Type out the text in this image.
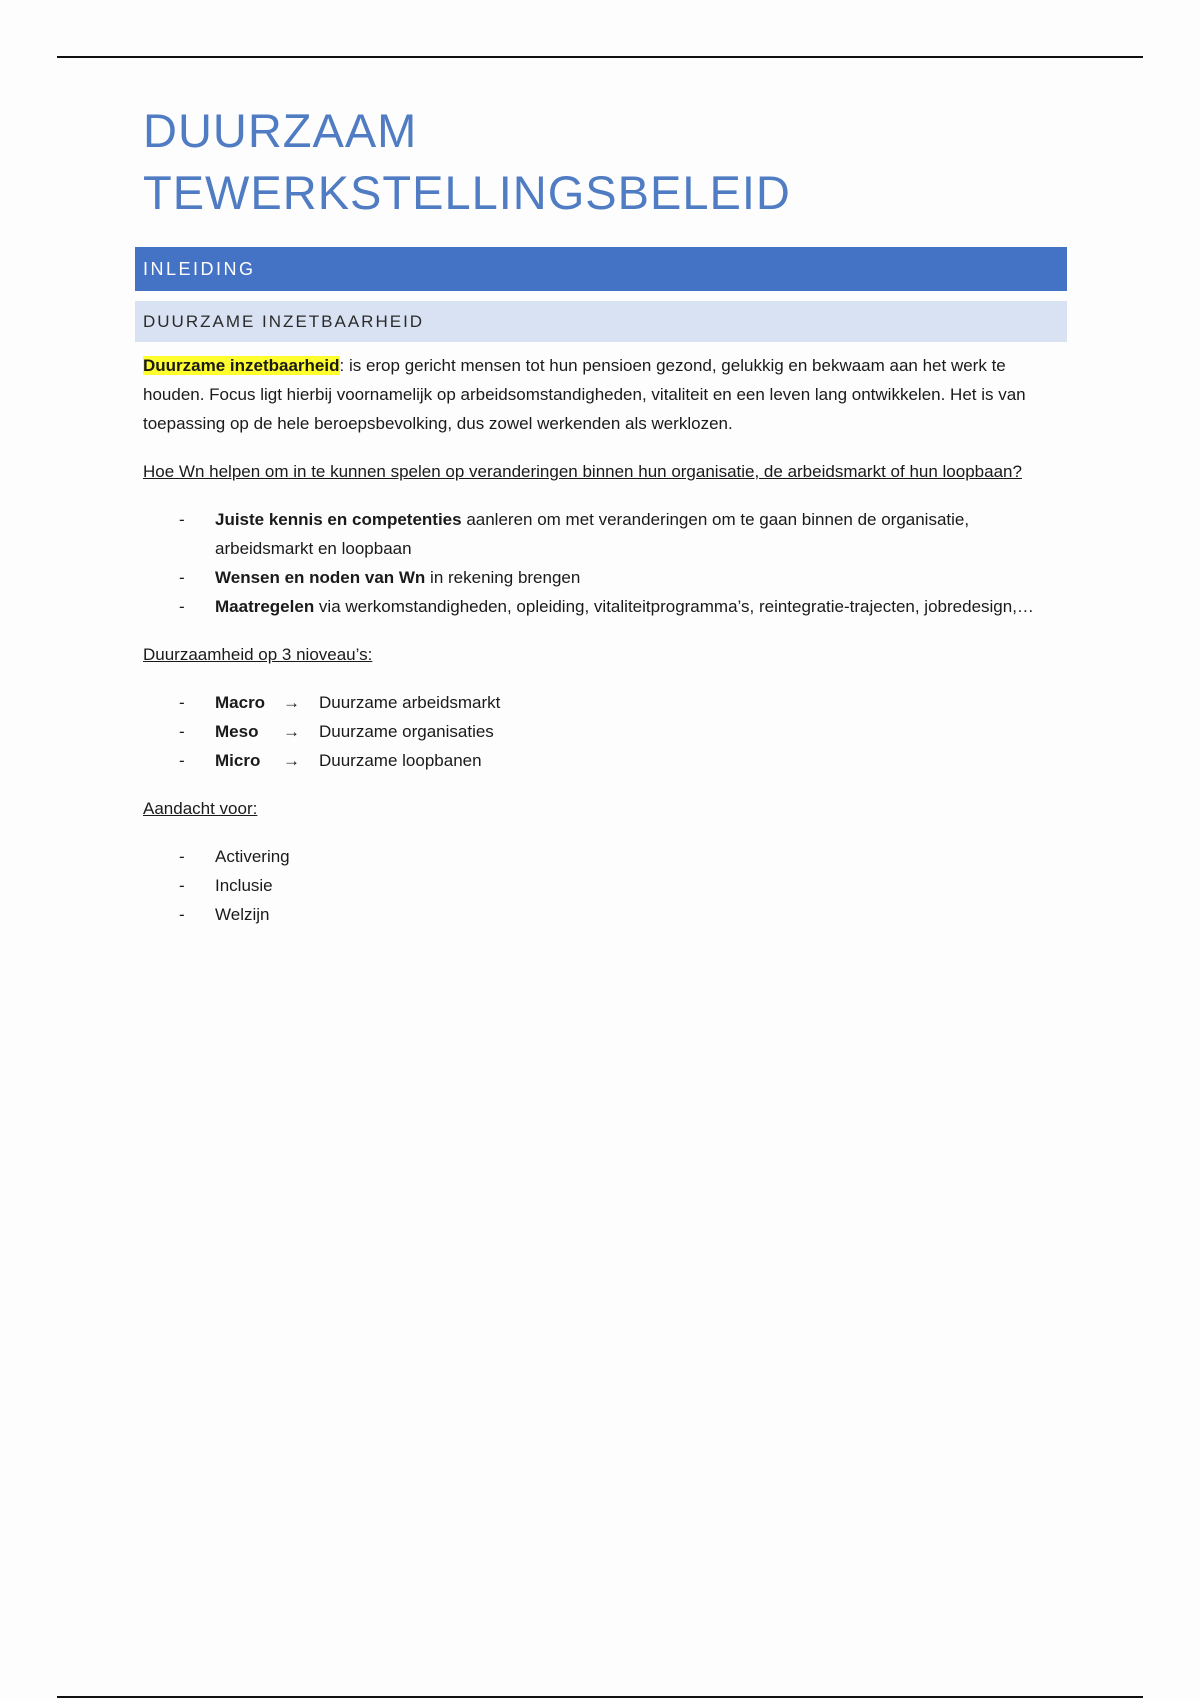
DUURZAAM TEWERKSTELLINGSBELEID
INLEIDING
DUURZAME INZETBAARHEID

Duurzame inzetbaarheid: is erop gericht mensen tot hun pensioen gezond, gelukkig en bekwaam aan het werk te houden. Focus ligt hierbij voornamelijk op arbeidsomstandigheden, vitaliteit en een leven lang ontwikkelen. Het is van toepassing op de hele beroepsbevolking, dus zowel werkenden als werklozen.

Hoe Wn helpen om in te kunnen spelen op veranderingen binnen hun organisatie, de arbeidsmarkt of hun loopbaan?

- Juiste kennis en competenties aanleren om met veranderingen om te gaan binnen de organisatie, arbeidsmarkt en loopbaan
- Wensen en noden van Wn in rekening brengen
- Maatregelen via werkomstandigheden, opleiding, vitaliteitprogramma’s, reintegratie-trajecten, jobredesign,…

Duurzaamheid op 3 nioveau’s:

- Macro → Duurzame arbeidsmarkt
- Meso → Duurzame organisaties
- Micro → Duurzame loopbanen

Aandacht voor:

- Activering
- Inclusie
- Welzijn
